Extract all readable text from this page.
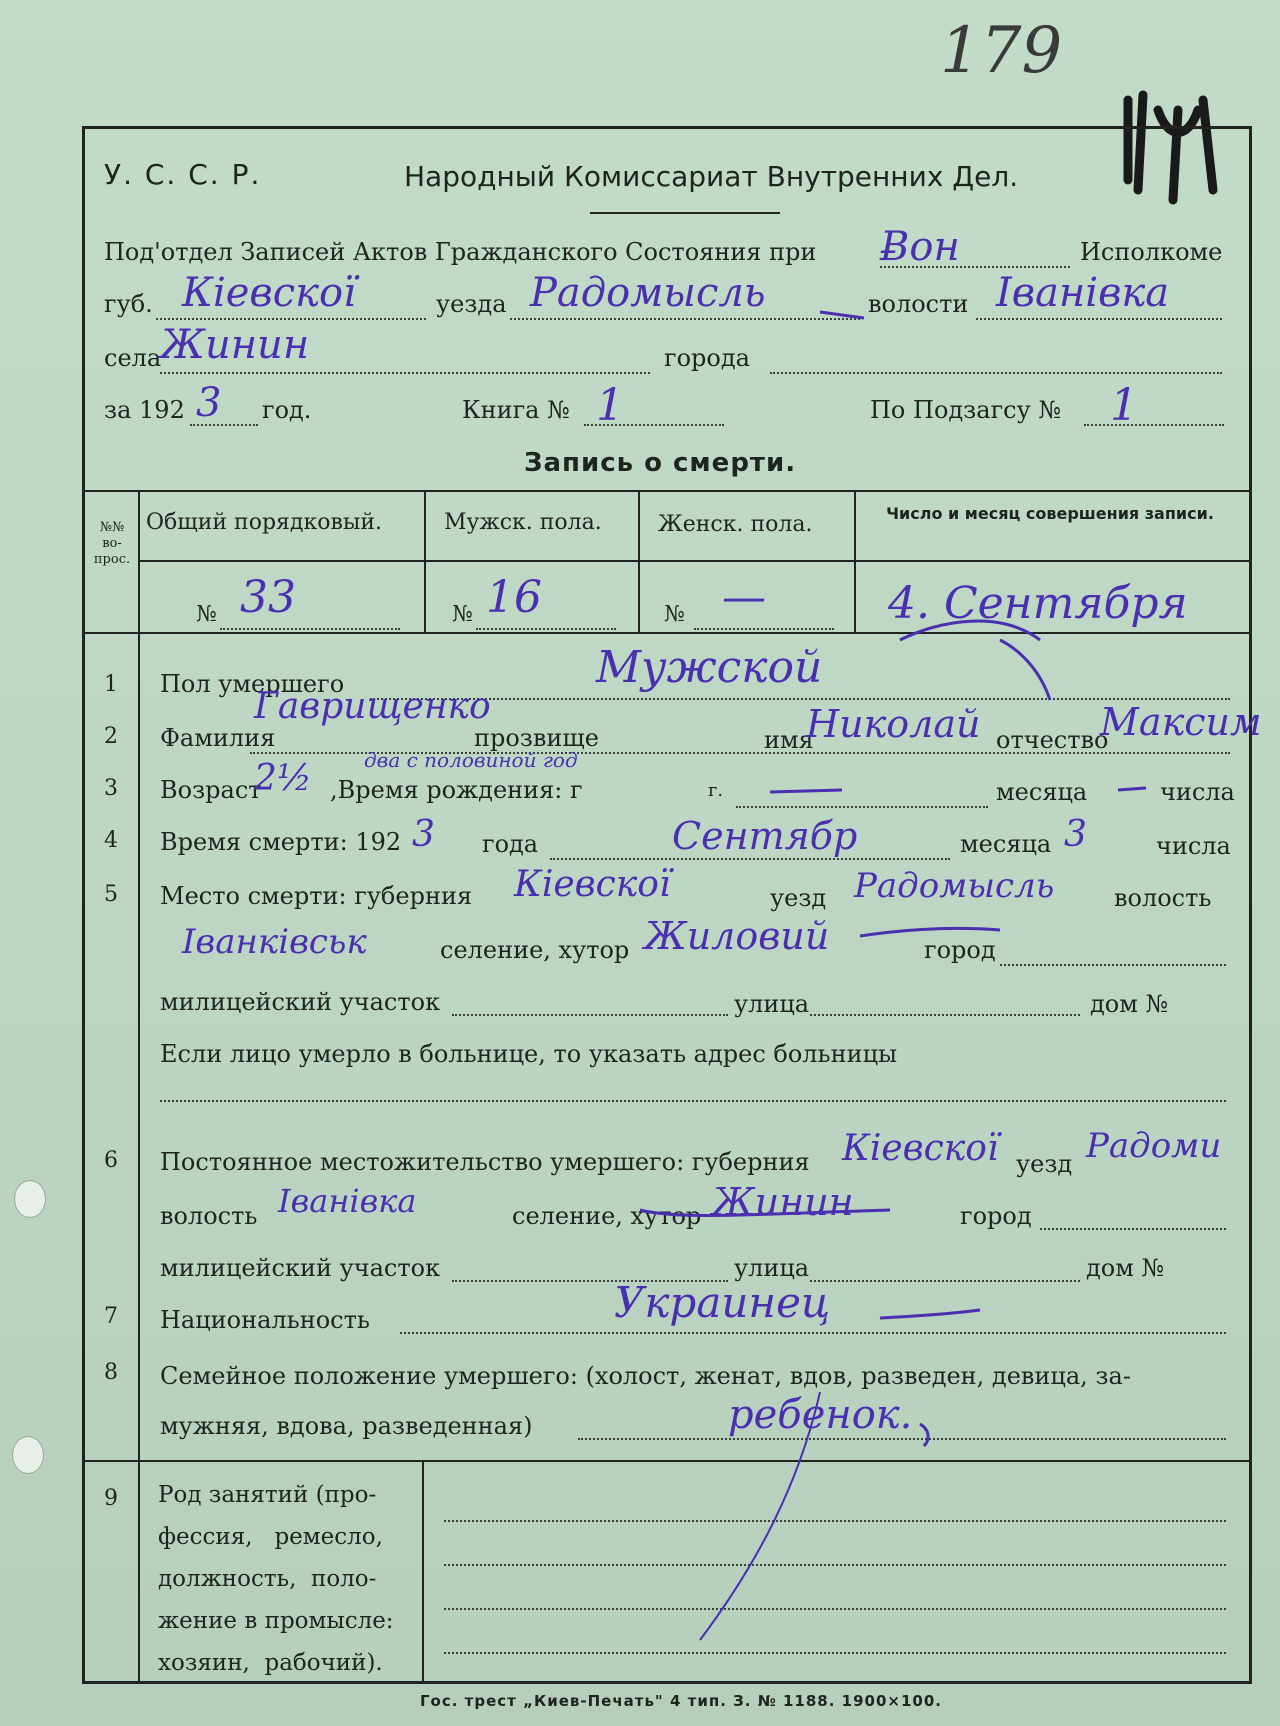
179
У. С. С. Р.	Народный Комиссариат Внутренних Дел.
Под'отдел Записей Актов Гражданского Состояния при Ƀон	Исполкоме
губ. Кіевскої	уезда Радомысль	волости Іванівка
села
Жинин	города
за 192 3 год.	Книга № 1	По Подзагсу № 1
Запись о смерти.
№№ во- прос.
Общий порядковый.	Мужск. пола.	Женск. пола.	Число и месяц совершения записи.
№ 33	№ 16	№ —	4. Сентября
1
2
3
4
5
6
7
8
9
Пол умершего	Мужской
Фамилия
Гаврищенко
прозвище	имя
Николай отчество
Максим
Возраст
2½ ,Время рождения: г
два с половиной год
г.	месяца	числа
Время смерти: 192 3 года	Сентябр	месяца 3	числа
Место смерти: губерния Кіевскої	уезд Радомысль волость
Іванківськ	селение, хутор Жиловий	город
милицейский участок	улица	дом №
Если лицо умерло в больнице, то указать адрес больницы
Постоянное местожительство умершего: губерния Кіевскої уезд Радоми
волость Іванівка	селение, хутор Жинин	город
милицейский участок	улица	дом №
Национальность	Украинец
Семейное положение умершего: (холост, женат, вдов, разведен, девица, за-
мужняя, вдова, разведенная)	ребенок.
Род занятий (про-
фессия,   ремесло,
должность,  поло-
жение в промысле:
хозяин,  рабочий).
Гос. трест „Киев-Печать" 4 тип. З. № 1188. 1900×100.
